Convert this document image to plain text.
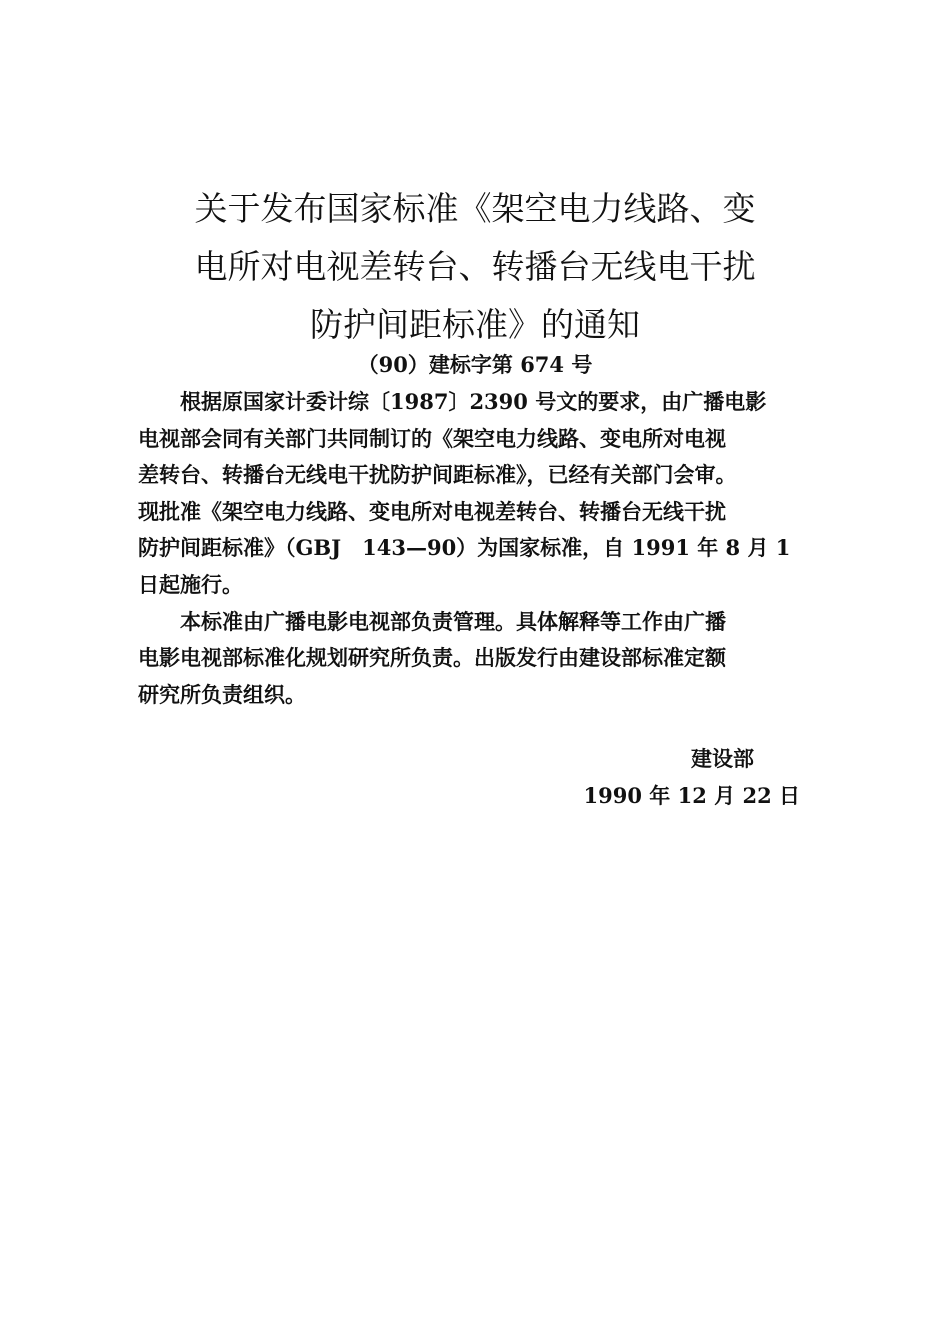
关于发布国家标准《架空电力线路、变
电所对电视差转台、转播台无线电干扰
防护间距标准》的通知
（90）建标字第 674 号
　　根据原国家计委计综〔1987〕2390 号文的要求，由广播电影
电视部会同有关部门共同制订的《架空电力线路、变电所对电视
差转台、转播台无线电干扰防护间距标准》，已经有关部门会审。
现批准《架空电力线路、变电所对电视差转台、转播台无线干扰
防护间距标准》（GBJ　143—90）为国家标准，自 1991 年 8 月 1
日起施行。
　　本标准由广播电影电视部负责管理。具体解释等工作由广播
电影电视部标准化规划研究所负责。出版发行由建设部标准定额
研究所负责组织。
建设部
1990 年 12 月 22 日
